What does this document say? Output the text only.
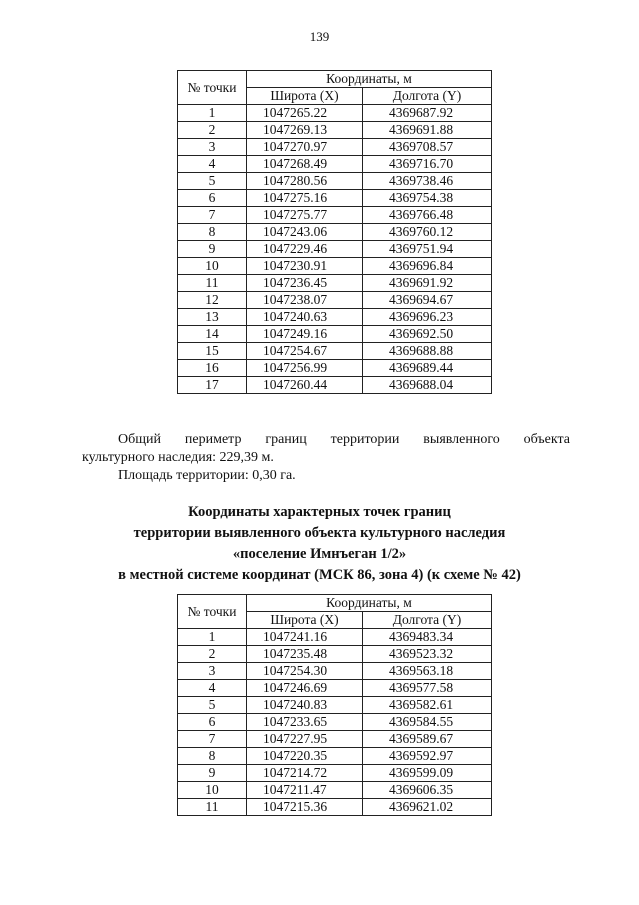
139
№ точки	Координаты, м	
	Широта (X)	Долгота (Y)
1	1047265.22	4369687.92
2	1047269.13	4369691.88
3	1047270.97	4369708.57
4	1047268.49	4369716.70
5	1047280.56	4369738.46
6	1047275.16	4369754.38
7	1047275.77	4369766.48
8	1047243.06	4369760.12
9	1047229.46	4369751.94
10	1047230.91	4369696.84
11	1047236.45	4369691.92
12	1047238.07	4369694.67
13	1047240.63	4369696.23
14	1047249.16	4369692.50
15	1047254.67	4369688.88
16	1047256.99	4369689.44
17	1047260.44	4369688.04
Общий периметр границ территории выявленного объекта
культурного наследия: 229,39 м.
Площадь территории: 0,30 га.
Координаты характерных точек границ
территории выявленного объекта культурного наследия
«поселение Имнъеган 1/2»
в местной системе координат (МСК 86, зона 4) (к схеме № 42)
№ точки	Координаты, м	
	Широта (X)	Долгота (Y)
1	1047241.16	4369483.34
2	1047235.48	4369523.32
3	1047254.30	4369563.18
4	1047246.69	4369577.58
5	1047240.83	4369582.61
6	1047233.65	4369584.55
7	1047227.95	4369589.67
8	1047220.35	4369592.97
9	1047214.72	4369599.09
10	1047211.47	4369606.35
11	1047215.36	4369621.02
